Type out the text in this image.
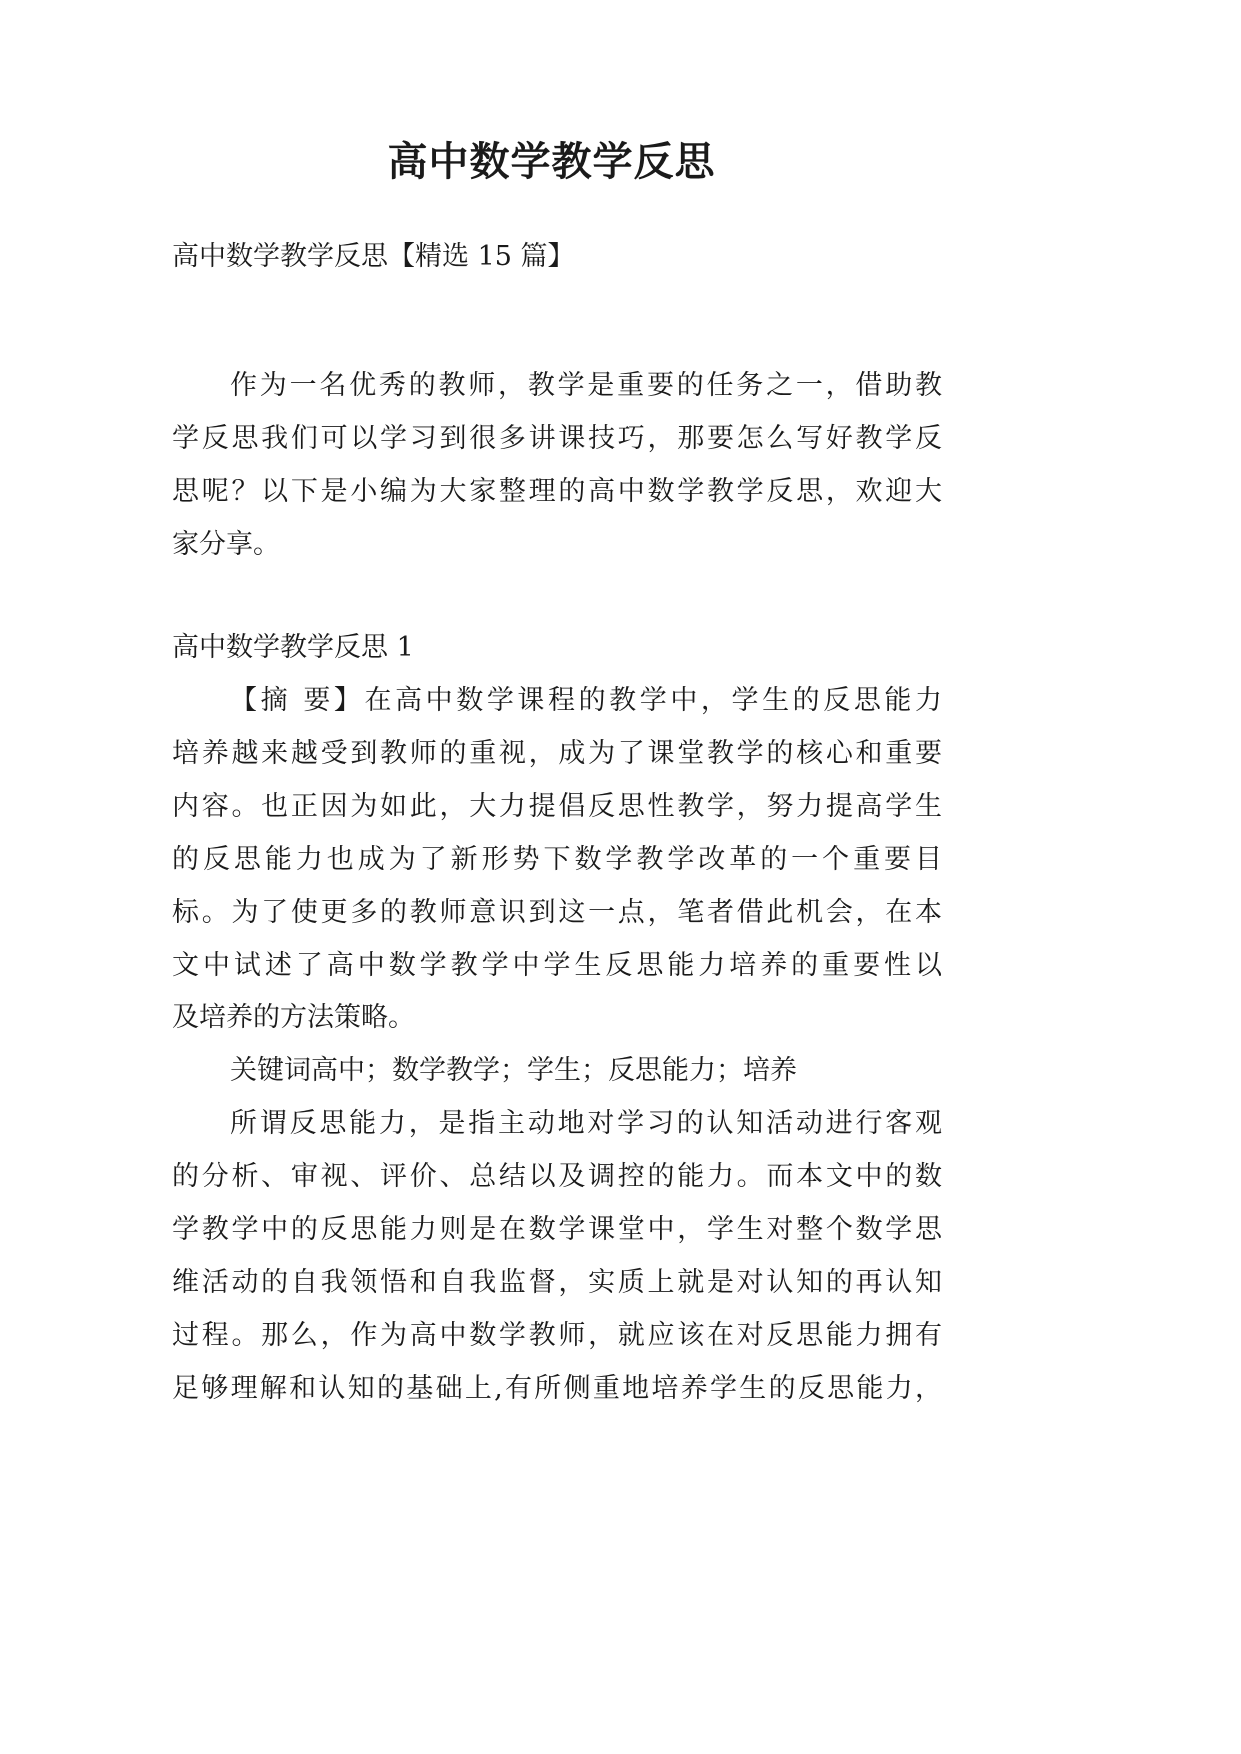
高中数学教学反思

高中数学教学反思【精选 15 篇】

作为一名优秀的教师，教学是重要的任务之一，借助教

学反思我们可以学习到很多讲课技巧，那要怎么写好教学反

思呢？以下是小编为大家整理的高中数学教学反思，欢迎大

家分享。

高中数学教学反思 1

【摘 要】在高中数学课程的教学中，学生的反思能力

培养越来越受到教师的重视，成为了课堂教学的核心和重要

内容。也正因为如此，大力提倡反思性教学，努力提高学生

的反思能力也成为了新形势下数学教学改革的一个重要目

标。为了使更多的教师意识到这一点，笔者借此机会，在本

文中试述了高中数学教学中学生反思能力培养的重要性以

及培养的方法策略。

关键词高中；数学教学；学生；反思能力；培养

所谓反思能力，是指主动地对学习的认知活动进行客观

的分析、审视、评价、总结以及调控的能力。而本文中的数

学教学中的反思能力则是在数学课堂中，学生对整个数学思

维活动的自我领悟和自我监督，实质上就是对认知的再认知

过程。那么，作为高中数学教师，就应该在对反思能力拥有

足够理解和认知的基础上,有所侧重地培养学生的反思能力，
